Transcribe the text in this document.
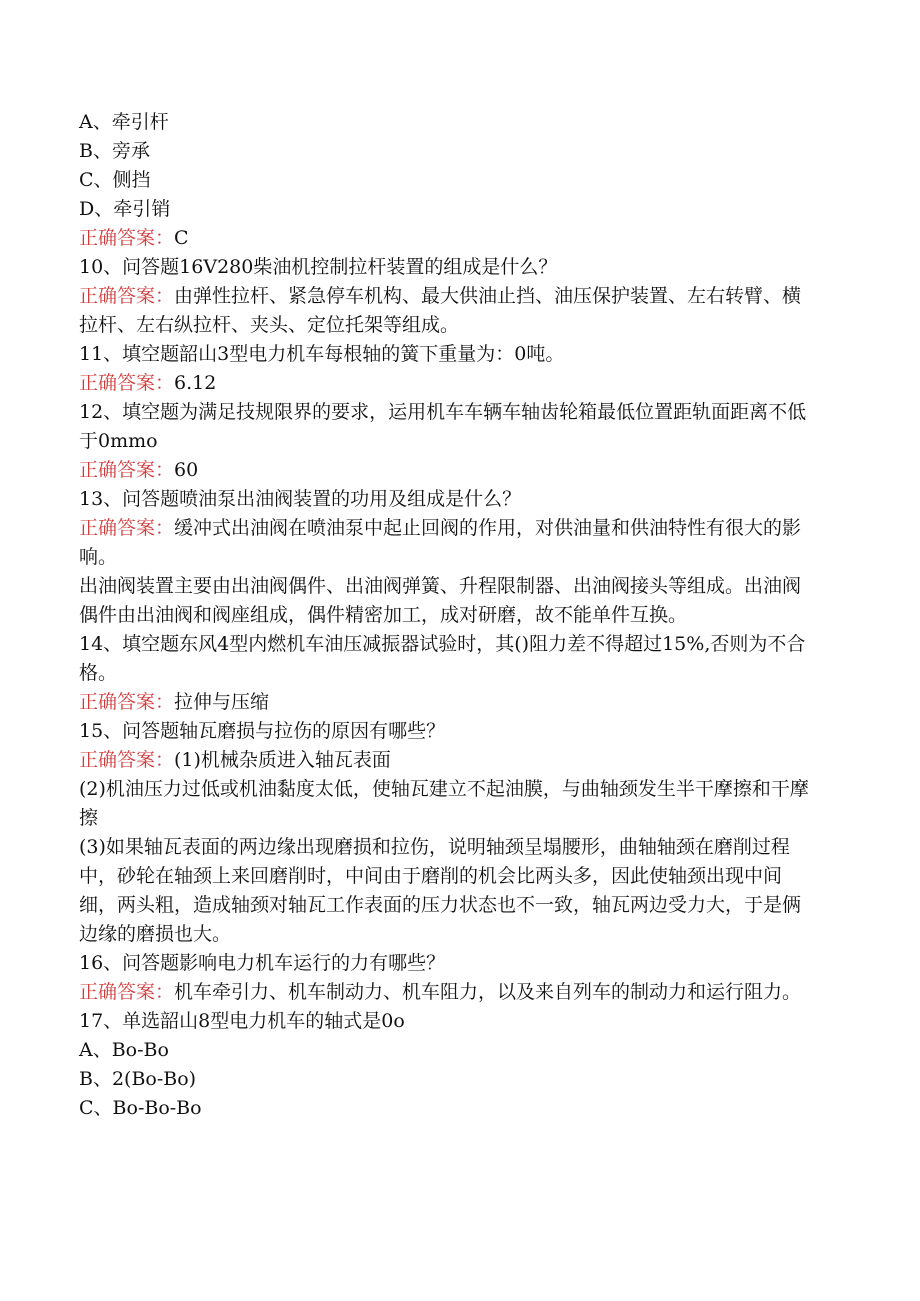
A、牵引杆
B、旁承
C、侧挡
D、牵引销
正确答案：C
10、问答题16V280柴油机控制拉杆装置的组成是什么？
正确答案：由弹性拉杆、紧急停车机构、最大供油止挡、油压保护装置、左右转臂、横拉杆、左右纵拉杆、夹头、定位托架等组成。
11、填空题韶山3型电力机车每根轴的簧下重量为：0吨。
正确答案：6.12
12、填空题为满足技规限界的要求，运用机车车辆车轴齿轮箱最低位置距轨面距离不低于0mmo
正确答案：60
13、问答题喷油泵出油阀装置的功用及组成是什么？
正确答案：缓冲式出油阀在喷油泵中起止回阀的作用，对供油量和供油特性有很大的影响。
出油阀装置主要由出油阀偶件、出油阀弹簧、升程限制器、出油阀接头等组成。出油阀偶件由出油阀和阀座组成，偶件精密加工，成对研磨，故不能单件互换。
14、填空题东风4型内燃机车油压减振器试验时，其()阻力差不得超过15%,否则为不合格。
正确答案：拉伸与压缩
15、问答题轴瓦磨损与拉伤的原因有哪些？
正确答案：(1)机械杂质进入轴瓦表面
(2)机油压力过低或机油黏度太低，使轴瓦建立不起油膜，与曲轴颈发生半干摩擦和干摩擦
(3)如果轴瓦表面的两边缘出现磨损和拉伤，说明轴颈呈塌腰形，曲轴轴颈在磨削过程中，砂轮在轴颈上来回磨削时，中间由于磨削的机会比两头多，因此使轴颈出现中间细，两头粗，造成轴颈对轴瓦工作表面的压力状态也不一致，轴瓦两边受力大，于是俩边缘的磨损也大。
16、问答题影响电力机车运行的力有哪些？
正确答案：机车牵引力、机车制动力、机车阻力，以及来自列车的制动力和运行阻力。
17、单选韶山8型电力机车的轴式是0o
A、Bo-Bo
B、2(Bo-Bo)
C、Bo-Bo-Bo
